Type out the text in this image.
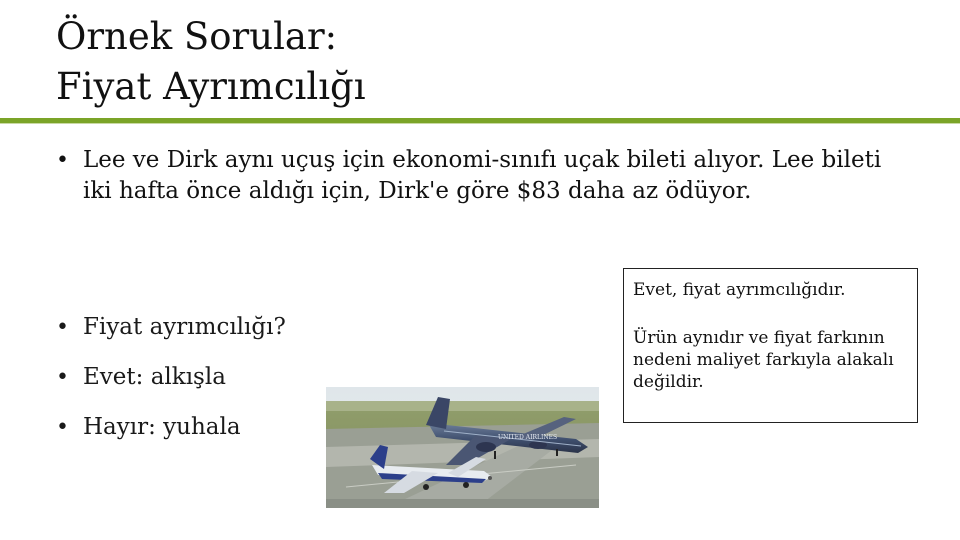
Örnek Sorular:
Fiyat Ayrımcılığı
• Lee ve Dirk aynı uçuş için ekonomi-sınıfı uçak bileti alıyor. Lee bileti iki hafta önce aldığı için, Dirk'e göre $83 daha az ödüyor.
• Fiyat ayrımcılığı?
• Evet: alkışla
• Hayır: yuhala	UNITED AIRLINES

Evet, fiyat ayrımcılığıdır.

Ürün aynıdır ve fiyat farkının nedeni maliyet farkıyla alakalı değildir.
